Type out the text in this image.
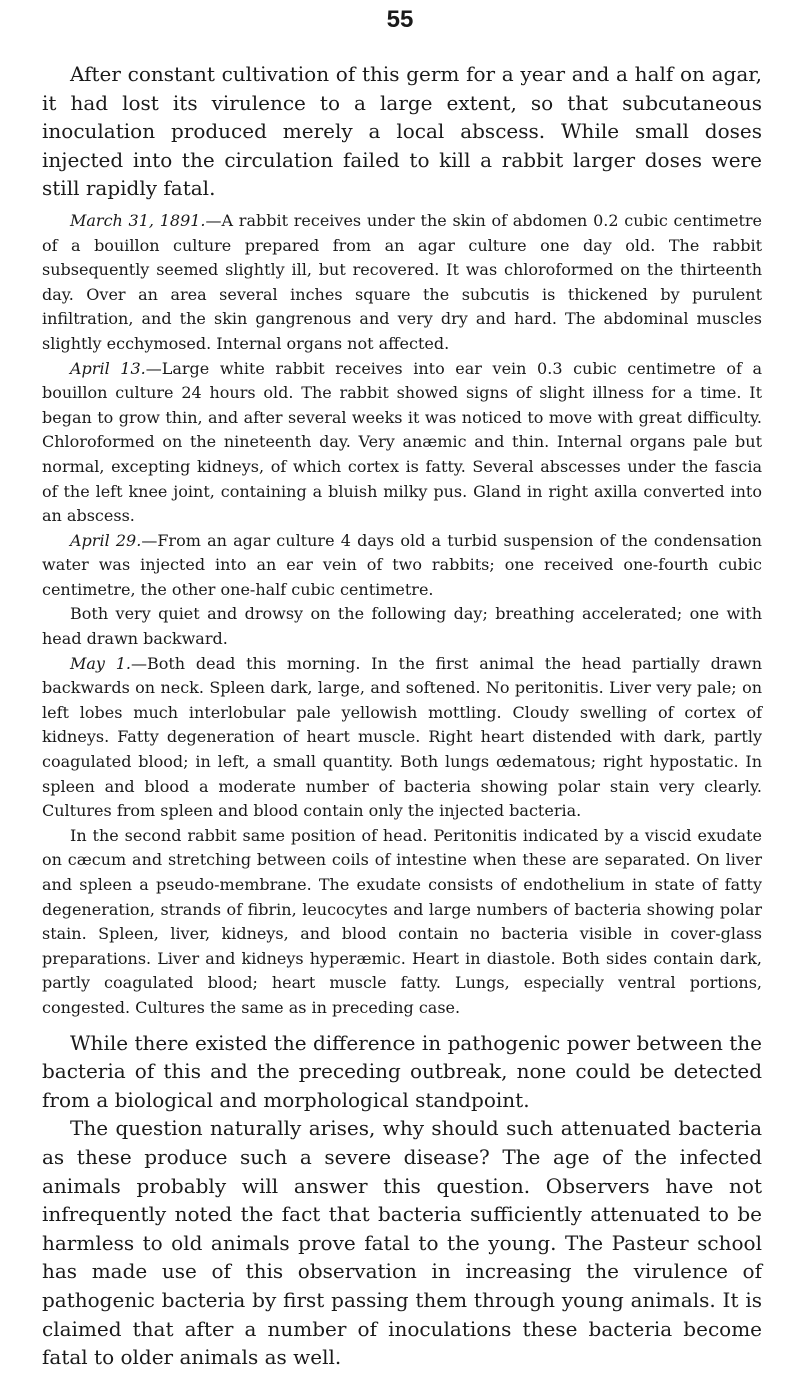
55

After constant cultivation of this germ for a year and a half on agar, it had lost its virulence to a large extent, so that subcutaneous inoculation produced merely a local abscess. While small doses injected into the circulation failed to kill a rabbit larger doses were still rapidly fatal.

March 31, 1891.—A rabbit receives under the skin of abdomen 0.2 cubic centimetre of a bouillon culture prepared from an agar culture one day old. The rabbit subsequently seemed slightly ill, but recovered. It was chloroformed on the thirteenth day. Over an area several inches square the subcutis is thickened by purulent infiltration, and the skin gangrenous and very dry and hard. The abdominal muscles slightly ecchymosed. Internal organs not affected.

April 13.—Large white rabbit receives into ear vein 0.3 cubic centimetre of a bouillon culture 24 hours old. The rabbit showed signs of slight illness for a time. It began to grow thin, and after several weeks it was noticed to move with great difficulty. Chloroformed on the nineteenth day. Very anæmic and thin. Internal organs pale but normal, excepting kidneys, of which cortex is fatty. Several abscesses under the fascia of the left knee joint, containing a bluish milky pus. Gland in right axilla converted into an abscess.

April 29.—From an agar culture 4 days old a turbid suspension of the condensation water was injected into an ear vein of two rabbits; one received one-fourth cubic centimetre, the other one-half cubic centimetre.

Both very quiet and drowsy on the following day; breathing accelerated; one with head drawn backward.

May 1.—Both dead this morning. In the first animal the head partially drawn backwards on neck. Spleen dark, large, and softened. No peritonitis. Liver very pale; on left lobes much interlobular pale yellowish mottling. Cloudy swelling of cortex of kidneys. Fatty degeneration of heart muscle. Right heart distended with dark, partly coagulated blood; in left, a small quantity. Both lungs œdematous; right hypostatic. In spleen and blood a moderate number of bacteria showing polar stain very clearly. Cultures from spleen and blood contain only the injected bacteria.

In the second rabbit same position of head. Peritonitis indicated by a viscid exudate on cæcum and stretching between coils of intestine when these are separated. On liver and spleen a pseudo-membrane. The exudate consists of endothelium in state of fatty degeneration, strands of fibrin, leucocytes and large numbers of bacteria showing polar stain. Spleen, liver, kidneys, and blood contain no bacteria visible in cover-glass preparations. Liver and kidneys hyperæmic. Heart in diastole. Both sides contain dark, partly coagulated blood; heart muscle fatty. Lungs, especially ventral portions, congested. Cultures the same as in preceding case.

While there existed the difference in pathogenic power between the bacteria of this and the preceding outbreak, none could be detected from a biological and morphological standpoint.

The question naturally arises, why should such attenuated bacteria as these produce such a severe disease? The age of the infected animals probably will answer this question. Observers have not infrequently noted the fact that bacteria sufficiently attenuated to be harmless to old animals prove fatal to the young. The Pasteur school has made use of this observation in increasing the virulence of pathogenic bacteria by first passing them through young animals. It is claimed that after a number of inoculations these bacteria become fatal to older animals as well.
